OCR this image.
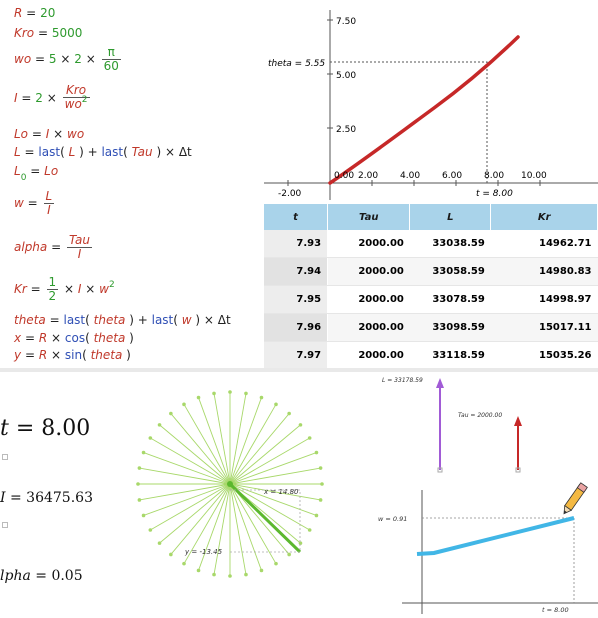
R = 20
Kro = 5000
wo = $5 \times 2 \times \frac{\pi}{60}$
$I = 2 \times \frac{\text{Kro}}{wo^2}$
Lo = I × wo
L = last( L ) + last( Tau ) × Δt
$L_0 = Lo$
$w = \frac{L}{I}$
alpha = $\frac{\text{Tau}}{I}$
$Kr = \frac{1}{2} \times I \times w^2$
theta = last( theta ) + last( w ) × Δt
x = R × cos( theta )
y = R × sin( theta )
-2.00
0.00 2.00 4.00 6.00 8.00 10.00
2.50
5.00
7.50
theta = 5.55
t = 8.00
t	Tau	L	Kr
7.93	2000.00	33038.59	14962.71
7.94	2000.00	33058.59	14980.83
7.95	2000.00	33078.59	14998.97
7.96	2000.00	33098.59	15017.11
7.97	2000.00	33118.59	15035.26

t = 8.00
I = 36475.63
lpha = 0.05
x = 14.80
y = -13.45
L = 33178.59
Tau = 2000.00
w = 0.91
t = 8.00
